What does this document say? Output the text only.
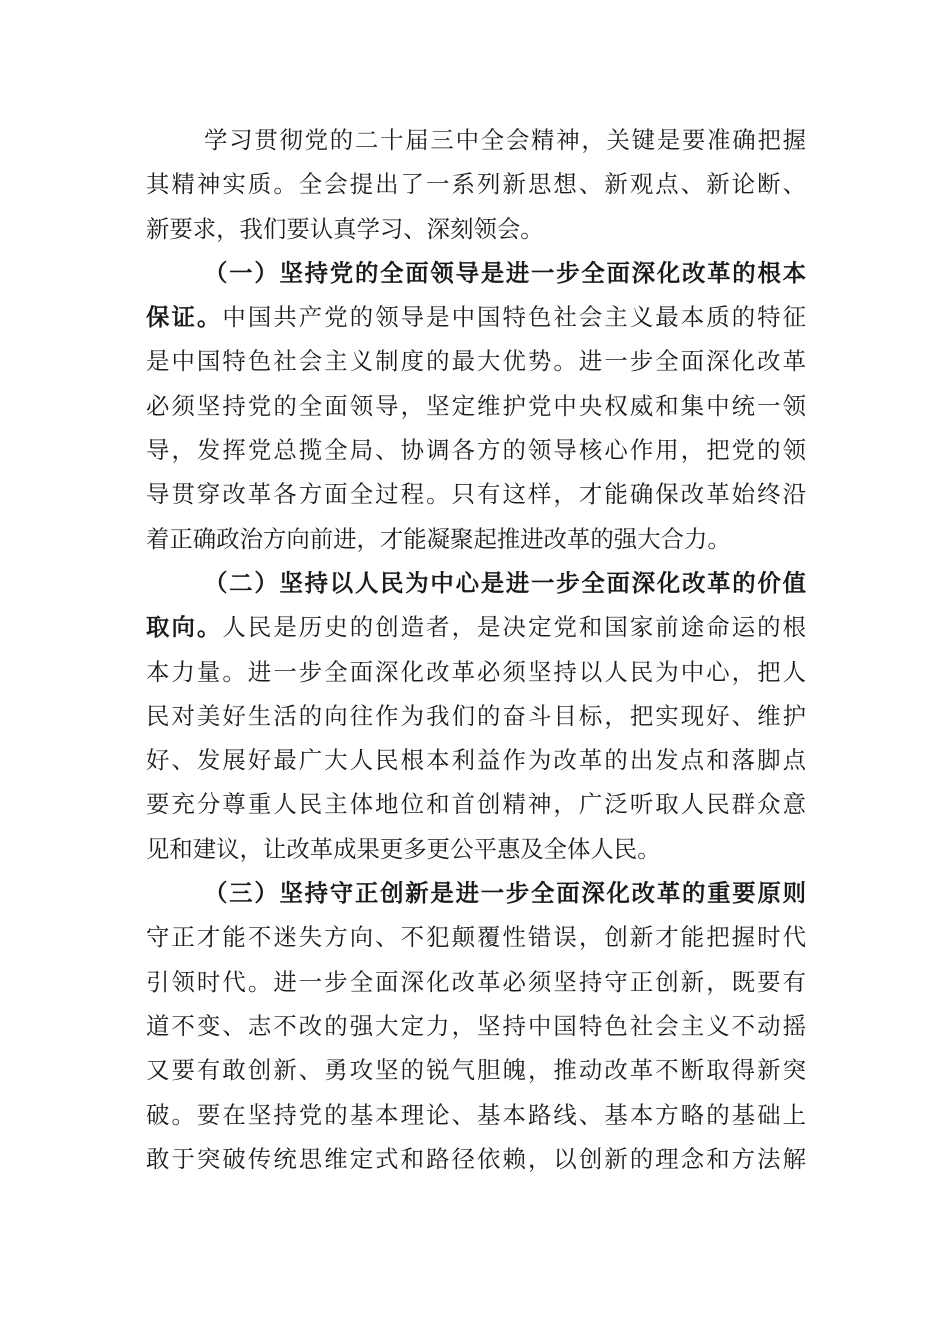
学习贯彻党的二十届三中全会精神，关键是要准确把握
其精神实质。全会提出了一系列新思想、新观点、新论断、
新要求，我们要认真学习、深刻领会。
（一）坚持党的全面领导是进一步全面深化改革的根本
保证。中国共产党的领导是中国特色社会主义最本质的特征
是中国特色社会主义制度的最大优势。进一步全面深化改革
必须坚持党的全面领导，坚定维护党中央权威和集中统一领
导，发挥党总揽全局、协调各方的领导核心作用，把党的领
导贯穿改革各方面全过程。只有这样，才能确保改革始终沿
着正确政治方向前进，才能凝聚起推进改革的强大合力。
（二）坚持以人民为中心是进一步全面深化改革的价值
取向。人民是历史的创造者，是决定党和国家前途命运的根
本力量。进一步全面深化改革必须坚持以人民为中心，把人
民对美好生活的向往作为我们的奋斗目标，把实现好、维护
好、发展好最广大人民根本利益作为改革的出发点和落脚点
要充分尊重人民主体地位和首创精神，广泛听取人民群众意
见和建议，让改革成果更多更公平惠及全体人民。
（三）坚持守正创新是进一步全面深化改革的重要原则
守正才能不迷失方向、不犯颠覆性错误，创新才能把握时代
引领时代。进一步全面深化改革必须坚持守正创新，既要有
道不变、志不改的强大定力，坚持中国特色社会主义不动摇
又要有敢创新、勇攻坚的锐气胆魄，推动改革不断取得新突
破。要在坚持党的基本理论、基本路线、基本方略的基础上
敢于突破传统思维定式和路径依赖，以创新的理念和方法解
